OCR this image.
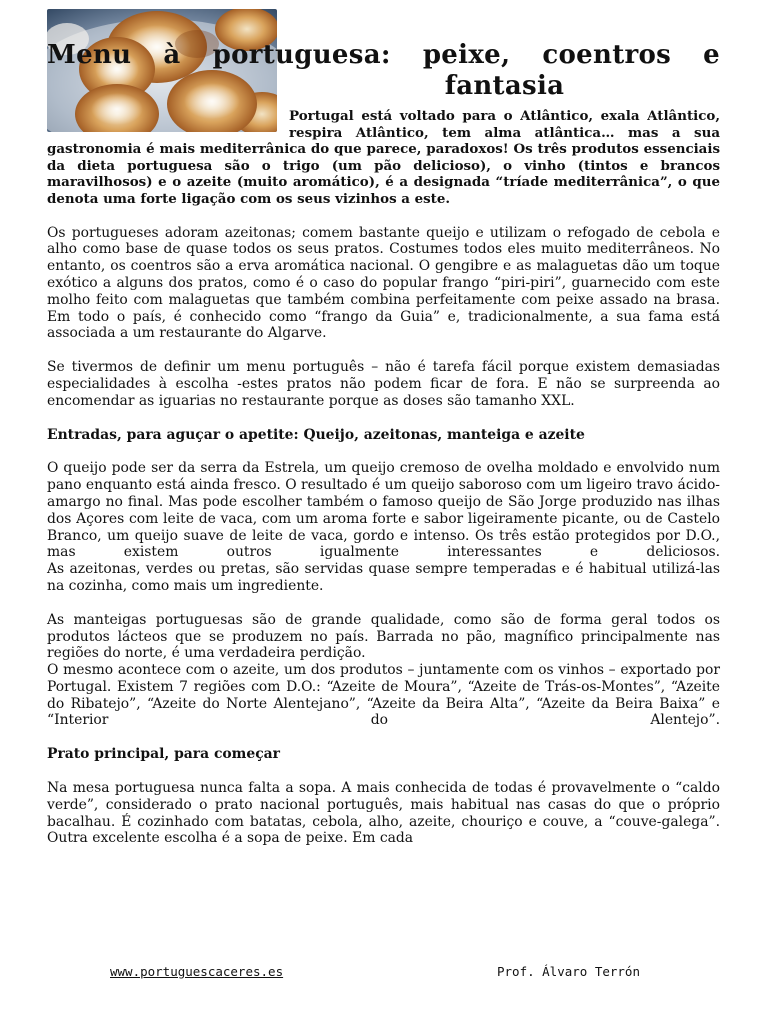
Menu à portuguesa: peixe, coentros e
fantasia

Portugal está voltado para o Atlântico, exala Atlântico, respira Atlântico, tem alma atlântica… mas a sua gastronomia é mais mediterrânica do que parece, paradoxos! Os três produtos essenciais da dieta portuguesa são o trigo (um pão delicioso), o vinho (tintos e brancos maravilhosos) e o azeite (muito aromático), é a designada “tríade mediterrânica”, o que denota uma forte ligação com os seus vizinhos a este.

Os portugueses adoram azeitonas; comem bastante queijo e utilizam o refogado de cebola e alho como base de quase todos os seus pratos. Costumes todos eles muito mediterrâneos. No entanto, os coentros são a erva aromática nacional. O gengibre e as malaguetas dão um toque exótico a alguns dos pratos, como é o caso do popular frango “piri-piri”, guarnecido com este molho feito com malaguetas que também combina perfeitamente com peixe assado na brasa. Em todo o país, é conhecido como “frango da Guia” e, tradicionalmente, a sua fama está associada a um restaurante do Algarve.

Se tivermos de definir um menu português – não é tarefa fácil porque existem demasiadas especialidades à escolha -estes pratos não podem ficar de fora. E não se surpreenda ao encomendar as iguarias no restaurante porque as doses são tamanho XXL.

Entradas, para aguçar o apetite: Queijo, azeitonas, manteiga e azeite

O queijo pode ser da serra da Estrela, um queijo cremoso de ovelha moldado e envolvido num pano enquanto está ainda fresco. O resultado é um queijo saboroso com um ligeiro travo ácido-amargo no final. Mas pode escolher também o famoso queijo de São Jorge produzido nas ilhas dos Açores com leite de vaca, com um aroma forte e sabor ligeiramente picante, ou de Castelo Branco, um queijo suave de leite de vaca, gordo e intenso. Os três estão protegidos por D.O., mas existem outros igualmente interessantes e deliciosos.
As azeitonas, verdes ou pretas, são servidas quase sempre temperadas e é habitual utilizá-las na cozinha, como mais um ingrediente.

As manteigas portuguesas são de grande qualidade, como são de forma geral todos os produtos lácteos que se produzem no país. Barrada no pão, magnífico principalmente nas regiões do norte, é uma verdadeira perdição.
O mesmo acontece com o azeite, um dos produtos – juntamente com os vinhos – exportado por Portugal. Existem 7 regiões com D.O.: “Azeite de Moura”, “Azeite de Trás-os-Montes”, “Azeite do Ribatejo”, “Azeite do Norte Alentejano”, “Azeite da Beira Alta”, “Azeite da Beira Baixa” e “Interior do Alentejo”.

Prato principal, para começar

Na mesa portuguesa nunca falta a sopa. A mais conhecida de todas é provavelmente o “caldo verde”, considerado o prato nacional português, mais habitual nas casas do que o próprio bacalhau. É cozinhado com batatas, cebola, alho, azeite, chouriço e couve, a “couve-galega”. Outra excelente escolha é a sopa de peixe. Em cada

www.portuguescaceres.es	Prof. Álvaro Terrón
